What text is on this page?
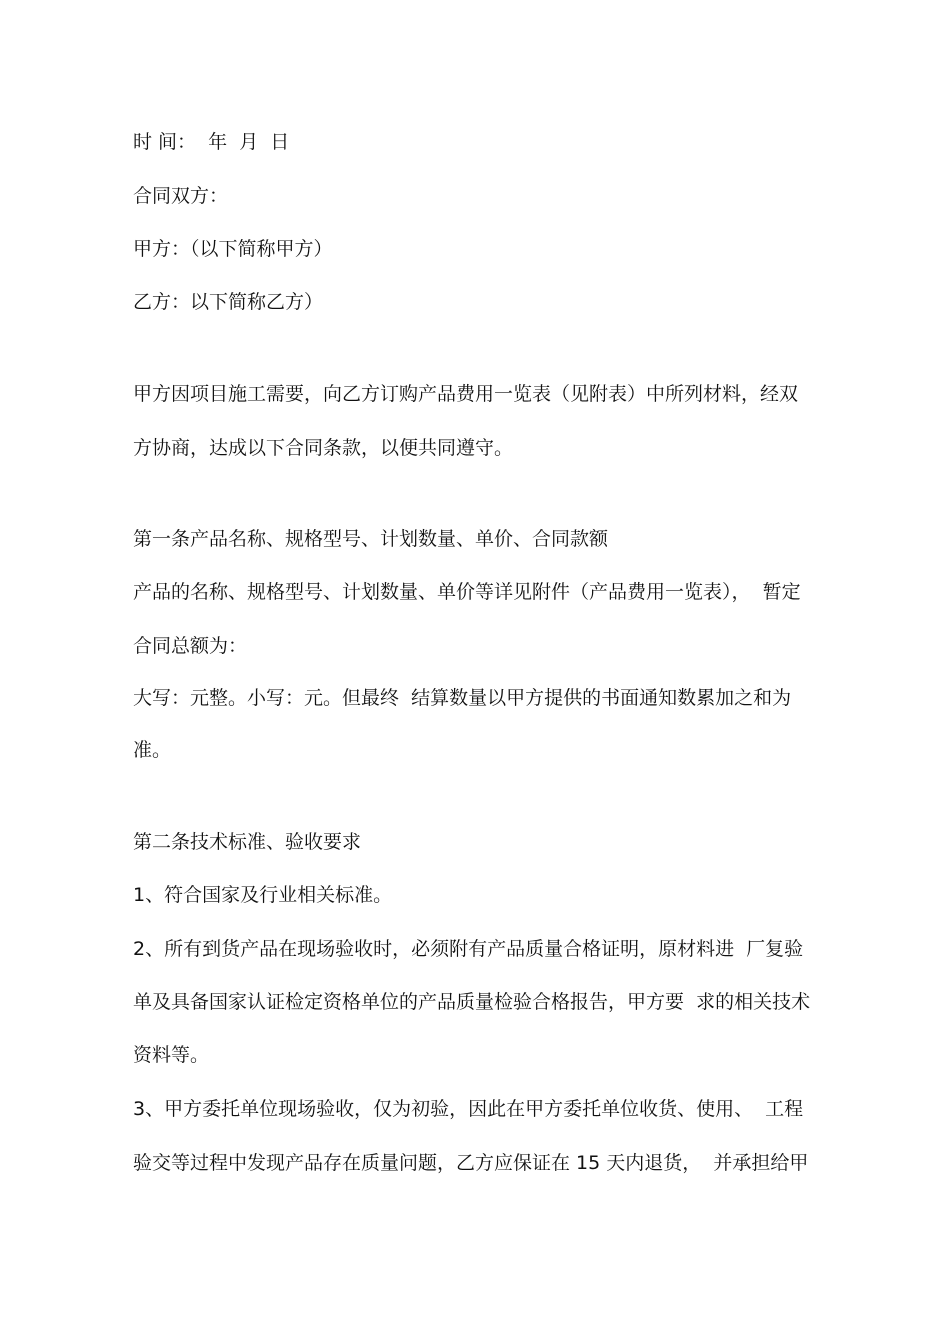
时 间：  年  月  日

合同双方：

甲方：（以下简称甲方）

乙方：以下简称乙方）

甲方因项目施工需要，向乙方订购产品费用一览表（见附表）中所列材料，经双

方协商，达成以下合同条款，以便共同遵守。

第一条产品名称、规格型号、计划数量、单价、合同款额

产品的名称、规格型号、计划数量、单价等详见附件（产品费用一览表），  暂定

合同总额为：

大写：元整。小写：元。但最终  结算数量以甲方提供的书面通知数累加之和为

准。

第二条技术标准、验收要求

1、符合国家及行业相关标准。

2、所有到货产品在现场验收时，必须附有产品质量合格证明，原材料进  厂复验

单及具备国家认证检定资格单位的产品质量检验合格报告，甲方要  求的相关技术

资料等。

3、甲方委托单位现场验收，仅为初验，因此在甲方委托单位收货、使用、  工程

验交等过程中发现产品存在质量问题，乙方应保证在 15 天内退货，  并承担给甲
